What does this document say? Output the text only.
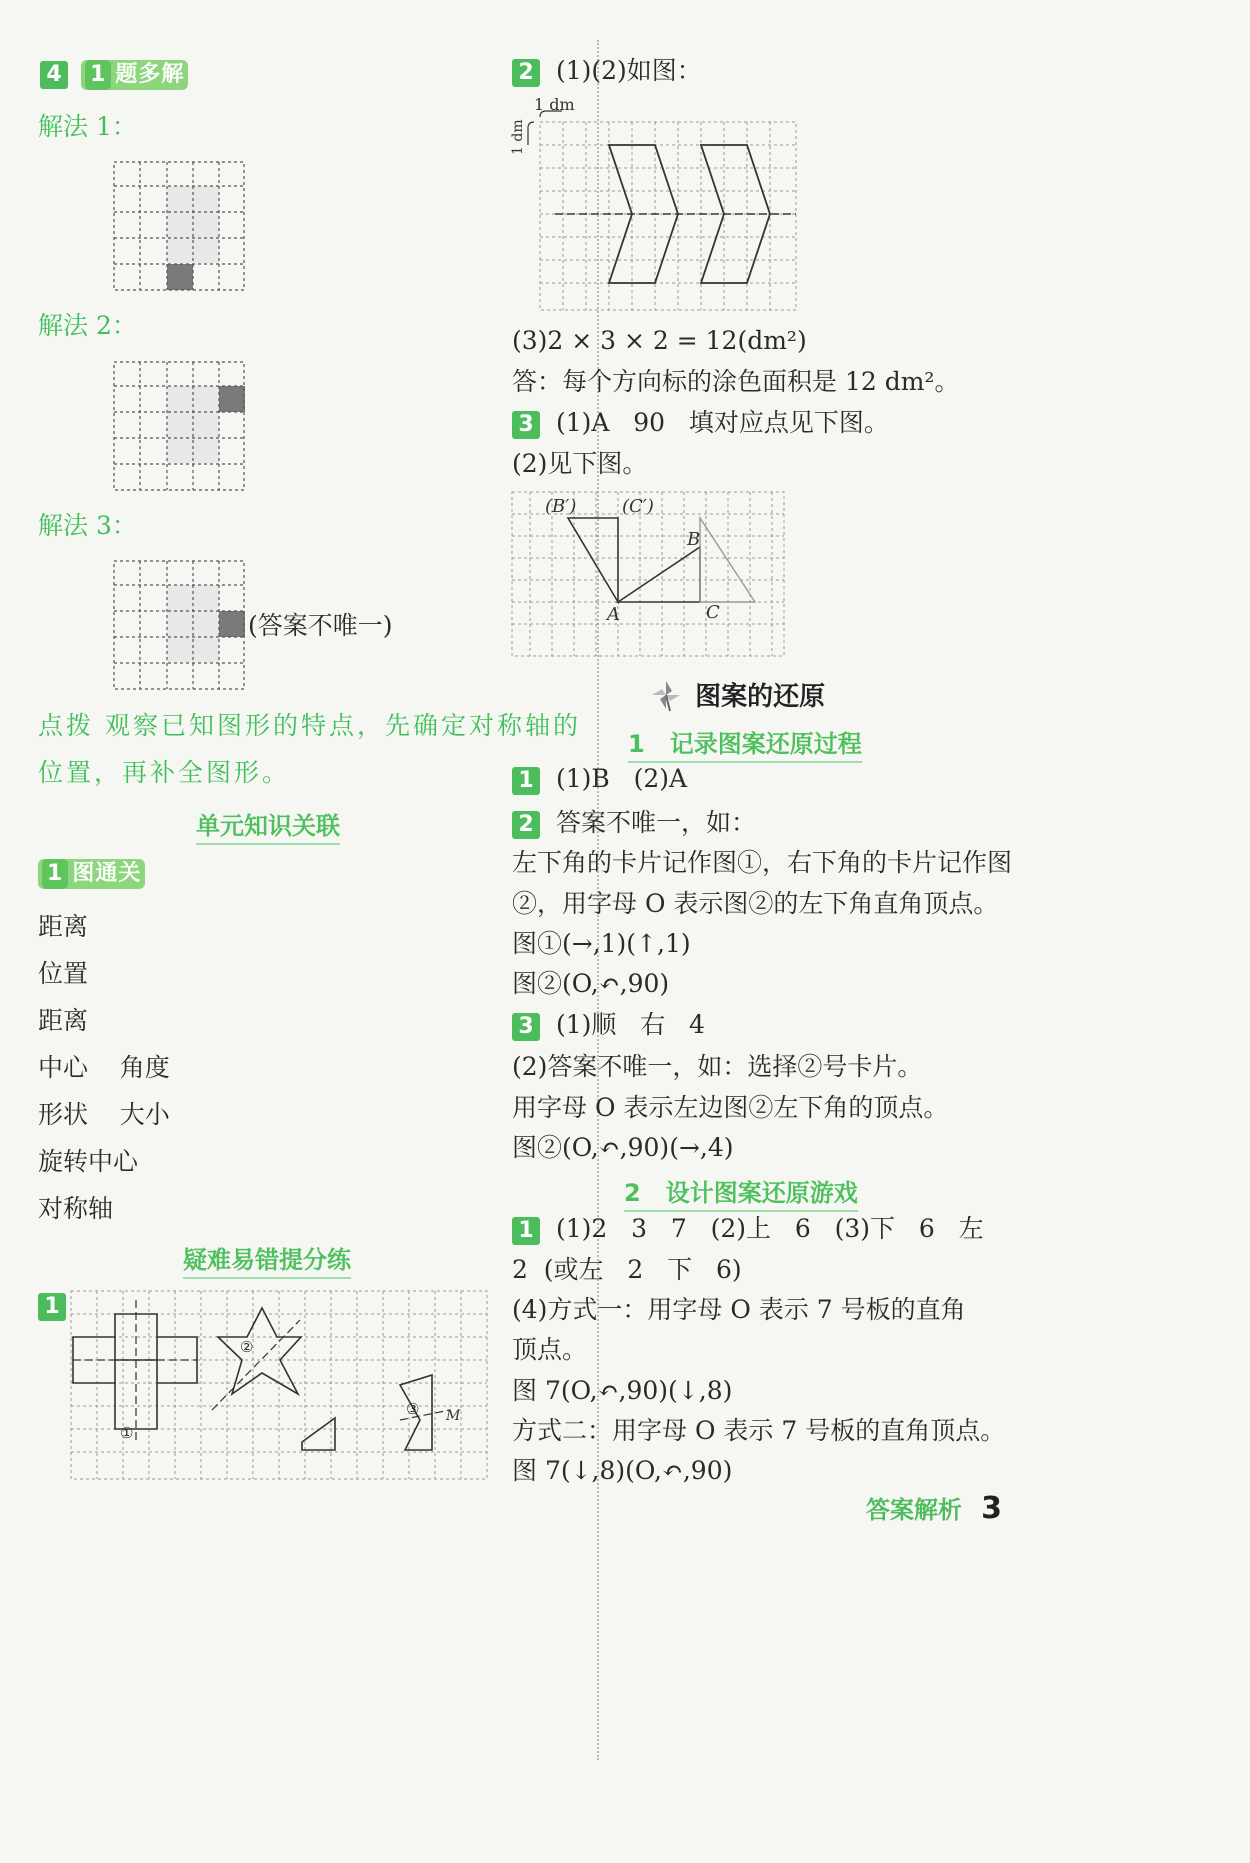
4 1 题多解
解法 1：
解法 2：
解法 3：
(答案不唯一)
点拨 观察已知图形的特点，先确定对称轴的
位置，再补全图形。
单元知识关联
1 图通关
距离
位置
距离
中心    角度
形状    大小
旋转中心
对称轴
疑难易错提分练
1
①
②
③ M
2 (1)(2)如图：
1 dm
1 dm
(3)2 × 3 × 2 = 12(dm²)
答：每个方向标的涂色面积是 12 dm²。
3 (1)A   90   填对应点见下图。
(2)见下图。
(B′)	(C′)
B
A	C
图案的还原
1   记录图案还原过程
1 (1)B   (2)A
2 答案不唯一，如：
左下角的卡片记作图①，右下角的卡片记作图
②，用字母 O 表示图②的左下角直角顶点。
图①(→,1)(↑,1)
图②(O,↶,90)
3 (1)顺   右   4
(2)答案不唯一，如：选择②号卡片。
用字母 O 表示左边图②左下角的顶点。
图②(O,↶,90)(→,4)
2   设计图案还原游戏
1 (1)2   3   7   (2)上   6   (3)下   6   左
2  (或左   2   下   6)
(4)方式一：用字母 O 表示 7 号板的直角
顶点。
图 7(O,↶,90)(↓,8)
方式二：用字母 O 表示 7 号板的直角顶点。
图 7(↓,8)(O,↶,90)
答案解析 3
